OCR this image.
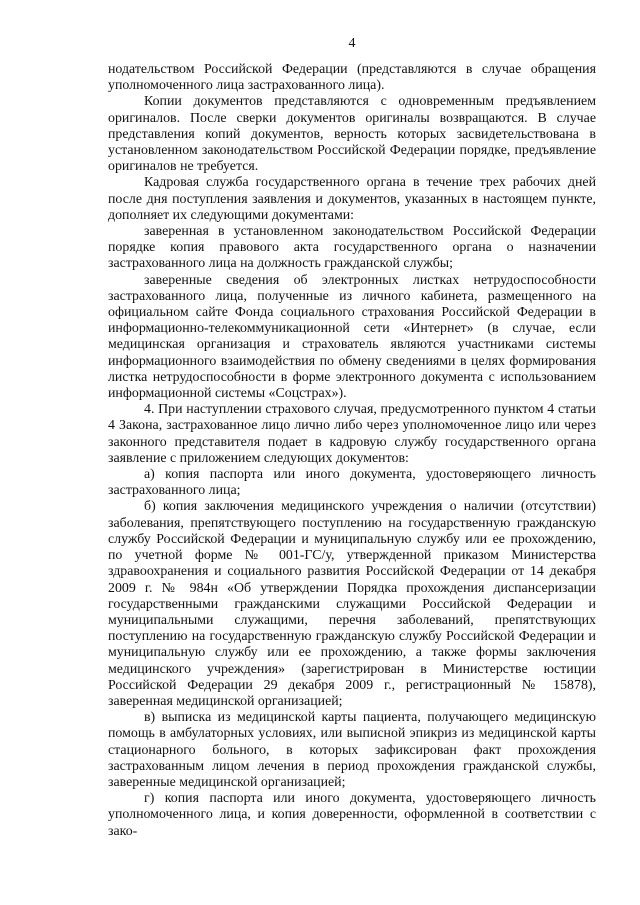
4

нодательством Российской Федерации (представляются в случае обращения уполномоченного лица застрахованного лица).

Копии документов представляются с одновременным предъявлением оригиналов. После сверки документов оригиналы возвращаются. В случае представления копий документов, верность которых засвидетельствована в установленном законодательством Российской Федерации порядке, предъявление оригиналов не требуется.

Кадровая служба государственного органа в течение трех рабочих дней после дня поступления заявления и документов, указанных в настоящем пункте, дополняет их следующими документами:

заверенная в установленном законодательством Российской Федерации порядке копия правового акта государственного органа о назначении застрахованного лица на должность гражданской службы;

заверенные сведения об электронных листках нетрудоспособности застрахованного лица, полученные из личного кабинета, размещенного на официальном сайте Фонда социального страхования Российской Федерации в информационно-телекоммуникационной сети «Интернет» (в случае, если медицинская организация и страхователь являются участниками системы информационного взаимодействия по обмену сведениями в целях формирования листка нетрудоспособности в форме электронного документа с использованием информационной системы «Соцстрах»).

4. При наступлении страхового случая, предусмотренного пунктом 4 статьи 4 Закона, застрахованное лицо лично либо через уполномоченное лицо или через законного представителя подает в кадровую службу государственного органа заявление с приложением следующих документов:

а) копия паспорта или иного документа, удостоверяющего личность застрахованного лица;

б) копия заключения медицинского учреждения о наличии (отсутствии) заболевания, препятствующего поступлению на государственную гражданскую службу Российской Федерации и муниципальную службу или ее прохождению, по учетной форме № 001-ГС/у, утвержденной приказом Министерства здравоохранения и социального развития Российской Федерации от 14 декабря 2009 г. № 984н «Об утверждении Порядка прохождения диспансеризации государственными гражданскими служащими Российской Федерации и муниципальными служащими, перечня заболеваний, препятствующих поступлению на государственную гражданскую службу Российской Федерации и муниципальную службу или ее прохождению, а также формы заключения медицинского учреждения» (зарегистрирован в Министерстве юстиции Российской Федерации 29 декабря 2009 г., регистрационный № 15878), заверенная медицинской организацией;

в) выписка из медицинской карты пациента, получающего медицинскую помощь в амбулаторных условиях, или выписной эпикриз из медицинской карты стационарного больного, в которых зафиксирован факт прохождения застрахованным лицом лечения в период прохождения гражданской службы, заверенные медицинской организацией;

г) копия паспорта или иного документа, удостоверяющего личность уполномоченного лица, и копия доверенности, оформленной в соответствии с зако-
